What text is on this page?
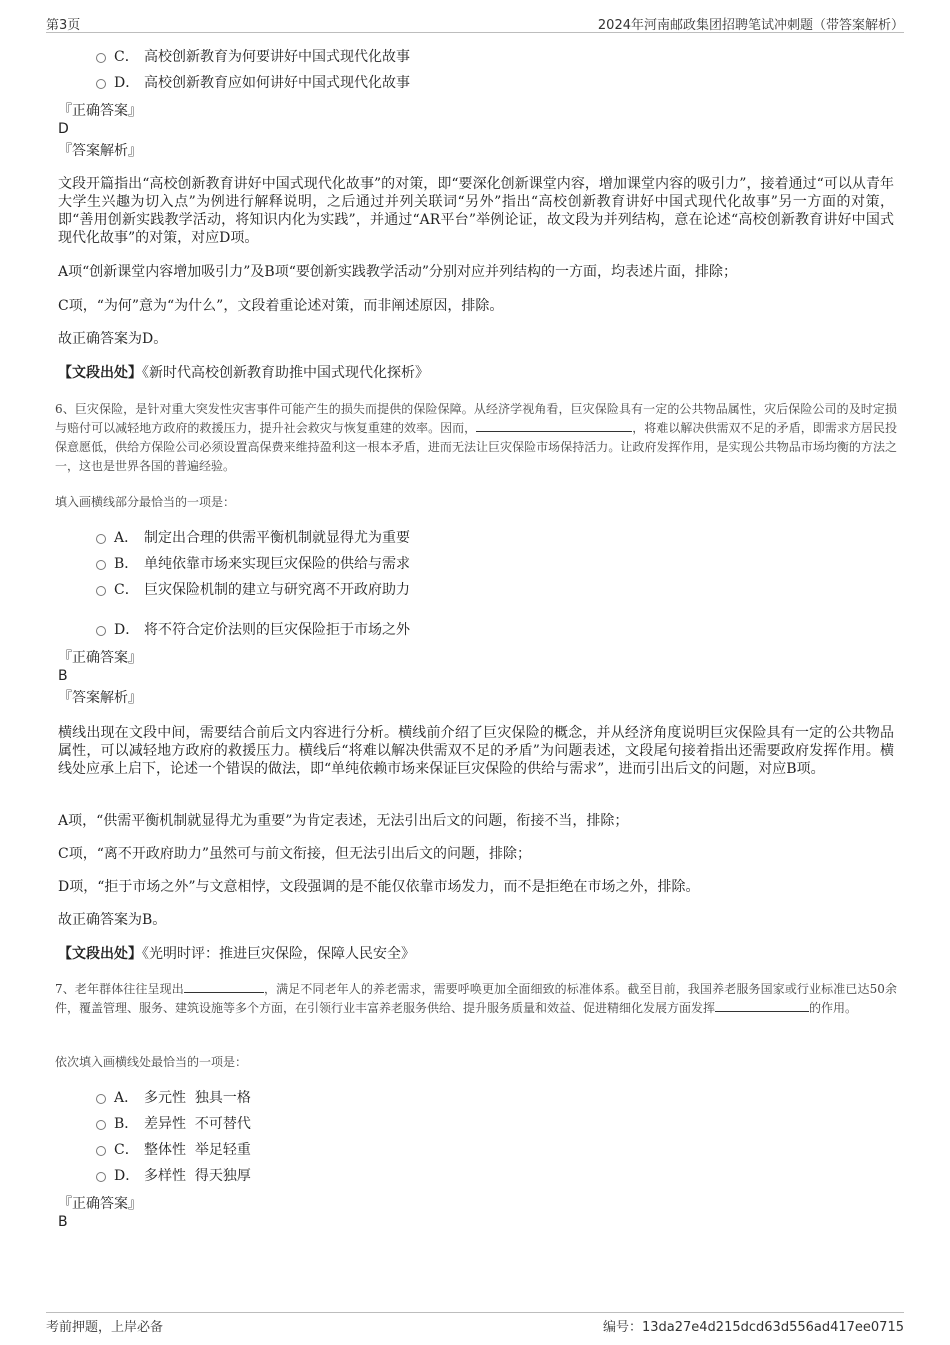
第3页	2024年河南邮政集团招聘笔试冲刺题（带答案解析）
C． 高校创新教育为何要讲好中国式现代化故事
D． 高校创新教育应如何讲好中国式现代化故事
『正确答案』
D
『答案解析』
文段开篇指出“高校创新教育讲好中国式现代化故事”的对策，即“要深化创新课堂内容，增加课堂内容的吸引力”，接着通过“可以从青年大学生兴趣为切入点”为例进行解释说明，之后通过并列关联词“另外”指出“高校创新教育讲好中国式现代化故事”另一方面的对策，即“善用创新实践教学活动，将知识内化为实践”，并通过“AR平台”举例论证，故文段为并列结构，意在论述“高校创新教育讲好中国式现代化故事”的对策，对应D项。
A项“创新课堂内容增加吸引力”及B项“要创新实践教学活动”分别对应并列结构的一方面，均表述片面，排除；
C项，“为何”意为“为什么”，文段着重论述对策，而非阐述原因，排除。
故正确答案为D。
【文段出处】《新时代高校创新教育助推中国式现代化探析》
6、巨灾保险，是针对重大突发性灾害事件可能产生的损失而提供的保险保障。从经济学视角看，巨灾保险具有一定的公共物品属性，灾后保险公司的及时定损与赔付可以减轻地方政府的救援压力，提升社会救灾与恢复重建的效率。因而，	，将难以解决供需双不足的矛盾，即需求方居民投保意愿低，供给方保险公司必须设置高保费来维持盈利这一根本矛盾，进而无法让巨灾保险市场保持活力。让政府发挥作用，是实现公共物品市场均衡的方法之一，这也是世界各国的普遍经验。
填入画横线部分最恰当的一项是：
A． 制定出合理的供需平衡机制就显得尤为重要
B． 单纯依靠市场来实现巨灾保险的供给与需求
C． 巨灾保险机制的建立与研究离不开政府助力
D． 将不符合定价法则的巨灾保险拒于市场之外
『正确答案』
B
『答案解析』
横线出现在文段中间，需要结合前后文内容进行分析。横线前介绍了巨灾保险的概念，并从经济角度说明巨灾保险具有一定的公共物品属性，可以减轻地方政府的救援压力。横线后“将难以解决供需双不足的矛盾”为问题表述，文段尾句接着指出还需要政府发挥作用。横线处应承上启下，论述一个错误的做法，即“单纯依赖市场来保证巨灾保险的供给与需求”，进而引出后文的问题，对应B项。
A项，“供需平衡机制就显得尤为重要”为肯定表述，无法引出后文的问题，衔接不当，排除；
C项，“离不开政府助力”虽然可与前文衔接，但无法引出后文的问题，排除；
D项，“拒于市场之外”与文意相悖，文段强调的是不能仅依靠市场发力，而不是拒绝在市场之外，排除。
故正确答案为B。
【文段出处】《光明时评：推进巨灾保险，保障人民安全》
7、老年群体往往呈现出	，满足不同老年人的养老需求，需要呼唤更加全面细致的标准体系。截至目前，我国养老服务国家或行业标准已达50余件，覆盖管理、服务、建筑设施等多个方面，在引领行业丰富养老服务供给、提升服务质量和效益、促进精细化发展方面发挥	的作用。
依次填入画横线处最恰当的一项是：
A． 多元性  独具一格
B． 差异性  不可替代
C． 整体性  举足轻重
D． 多样性  得天独厚
『正确答案』
B
考前押题，上岸必备	编号：13da27e4d215dcd63d556ad417ee0715
